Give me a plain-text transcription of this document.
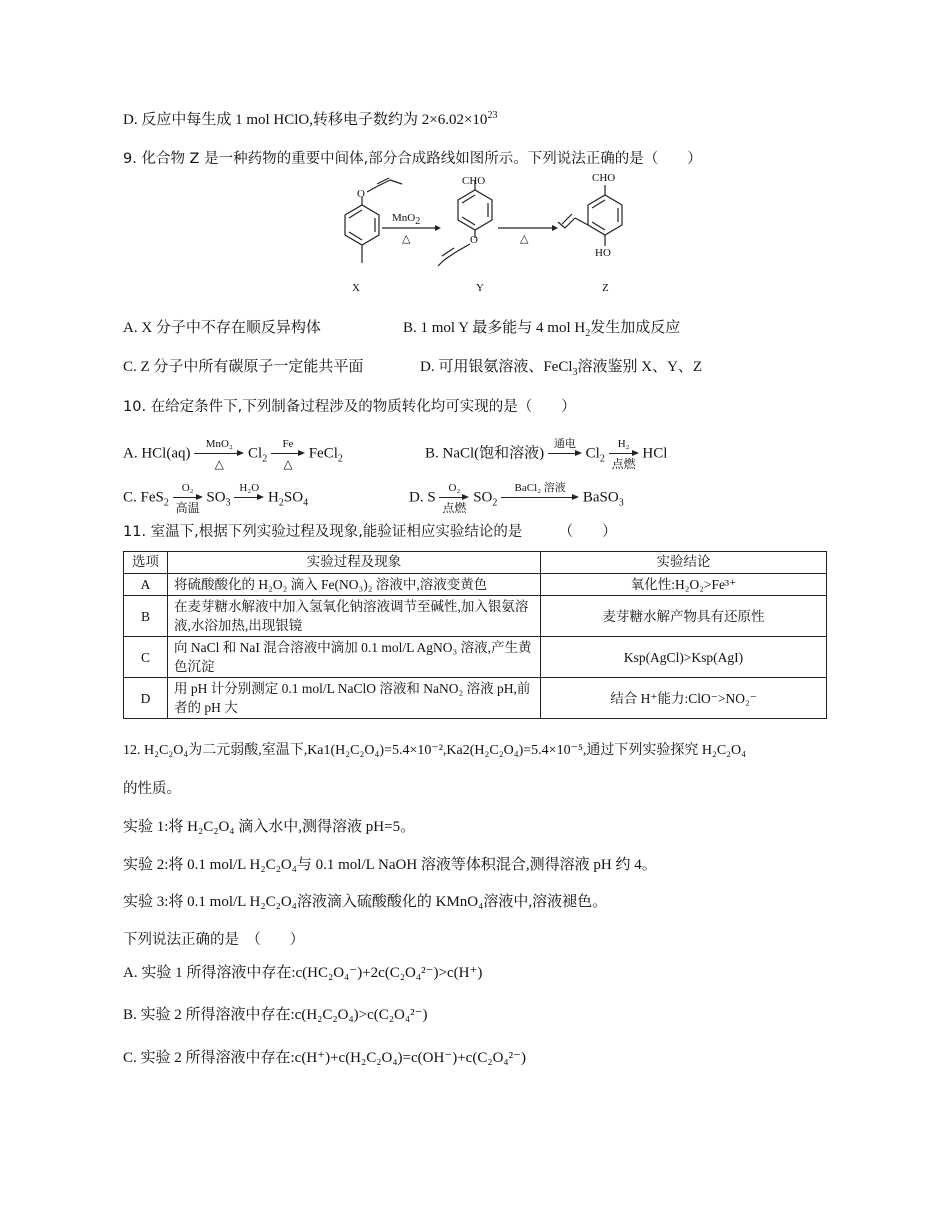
D. 反应中每生成 1 mol HClO,转移电子数约为 $2\times 6.02\times 10^{23}$
9. 化合物 Z 是一种药物的重要中间体,部分合成路线如图所示。下列说法正确的是（　　）
O
CHO
O
CHO
HO
MnO$_2$
△	△
X	Y	Z
A. X 分子中不存在顺反异构体	B. 1 mol Y 最多能与 4 mol $H_2$发生加成反应
C. Z 分子中所有碳原子一定能共平面	D. 可用银氨溶液、FeCl$_3$溶液鉴别 X、Y、Z
10. 在给定条件下,下列制备过程涉及的物质转化均可实现的是（　　）
A. HCl(aq)
MnO₂
△
$Cl_2$
Fe
△
FeCl$_2$	B. NaCl(饱和溶液)
通电
$Cl_2$
H₂
点燃
HCl
C. FeS$_2$
O₂
高温
$SO_3$
H₂O
$H_2SO_4$	D. S
O₂
点燃
$SO_2$
BaCl₂ 溶液
BaSO$_3$
11. 室温下,根据下列实验过程及现象,能验证相应实验结论的是　　　（　　）
选项	实验过程及现象	实验结论
A	将硫酸酸化的 H₂O₂ 滴入 Fe(NO₃)₂ 溶液中,溶液变黄色	氧化性:H₂O₂>Fe³⁺
B	在麦芽糖水解液中加入氢氧化钠溶液调节至碱性,加入银氨溶液,水浴加热,出现银镜	麦芽糖水解产物具有还原性
C	向 NaCl 和 NaI 混合溶液中滴加 0.1 mol/L AgNO₃ 溶液,产生黄色沉淀	Ksp(AgCl)>Ksp(AgI)
D	用 pH 计分别测定 0.1 mol/L NaClO 溶液和 NaNO₂ 溶液 pH,前者的 pH 大	结合 H⁺能力:ClO⁻>NO₂⁻
12. H₂C₂O₄为二元弱酸,室温下,Ka1(H₂C₂O₄)=5.4×10⁻²,Ka2(H₂C₂O₄)=5.4×10⁻⁵,通过下列实验探究 H₂C₂O₄
的性质。
实验 1:将 H₂C₂O₄ 滴入水中,测得溶液 pH=5。
实验 2:将 0.1 mol/L H₂C₂O₄与 0.1 mol/L NaOH 溶液等体积混合,测得溶液 pH 约 4。
实验 3:将 0.1 mol/L H₂C₂O₄溶液滴入硫酸酸化的 KMnO₄溶液中,溶液褪色。
下列说法正确的是　（　　）
A. 实验 1 所得溶液中存在:c(HC₂O₄⁻)+2c(C₂O₄²⁻)>c(H⁺)
B. 实验 2 所得溶液中存在:c(H₂C₂O₄)>c(C₂O₄²⁻)
C. 实验 2 所得溶液中存在:c(H⁺)+c(H₂C₂O₄)=c(OH⁻)+c(C₂O₄²⁻)
